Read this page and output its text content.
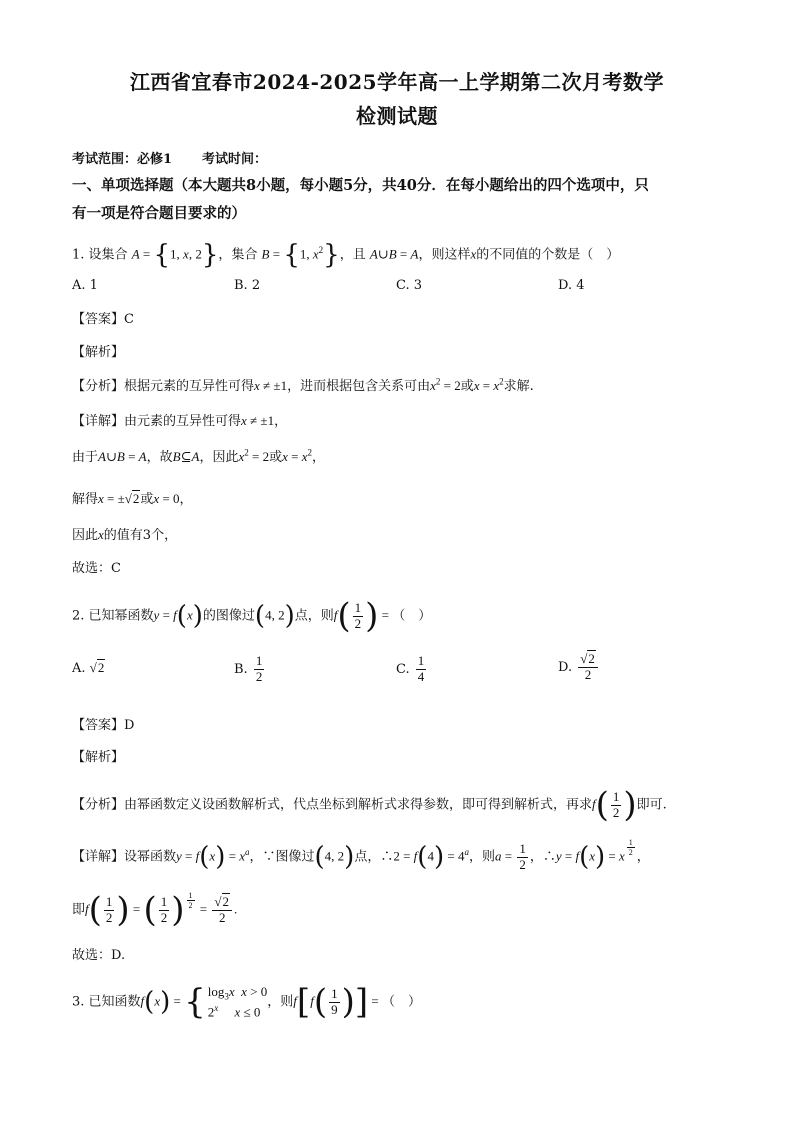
江西省宜春市2024-2025学年高一上学期第二次月考数学
检测试题
考试范围：必修1 考试时间：
一、单项选择题（本大题共8小题，每小题5分，共40分．在每小题给出的四个选项中，只
有一项是符合题目要求的）
1. 设集合 A = {1, x, 2}，集合 B = {1, $x^2$}，且 A∪B = A，则这样x的不同值的个数是（　）
A. 1	B. 2	C. 3	D. 4
【答案】C
【解析】
【分析】根据元素的互异性可得x ≠ ±1，进而根据包含关系可由$x^2 = 2$或$x = x^2$求解.
【详解】由元素的互异性可得x ≠ ±1，
由于A∪B = A，故B⊆A，因此$x^2 = 2$或$x = x^2$，
解得x = ±√2或x = 0，
因此x的值有3个，
故选：C
2. 已知幂函数y = f(x)的图像过(4, 2)点，则$f( \frac{1}{2}$ ) = （　）
A. √2	B. $\frac{1}{2}$	C. $\frac{1}{4}$	D. $\frac{√2}{2}$
【答案】D
【解析】
【分析】由幂函数定义设函数解析式，代点坐标到解析式求得参数，即可得到解析式，再求$f( \frac{1}{2}$ )即可.
【详解】设幂函数$y = f(x) = x^a$，∵图像过(4, 2)点，∴2 = $f(4) = 4^a$，则$a = \frac{1}{2}$ ，∴y = f(x) = x $^{\frac{1}{2}}$ ，
即$f( \frac{1}{2}$ ) = ( $\frac{1}{2}$ ) $^{\frac{1}{2}} = \frac{√2}{2}$ .
故选：D.
3. 已知函数f(x) = { $\log_3x$ x > 0
2$^x$ x ≤ 0
，则$f[f( \frac{1}{9}$ )] = （　）
